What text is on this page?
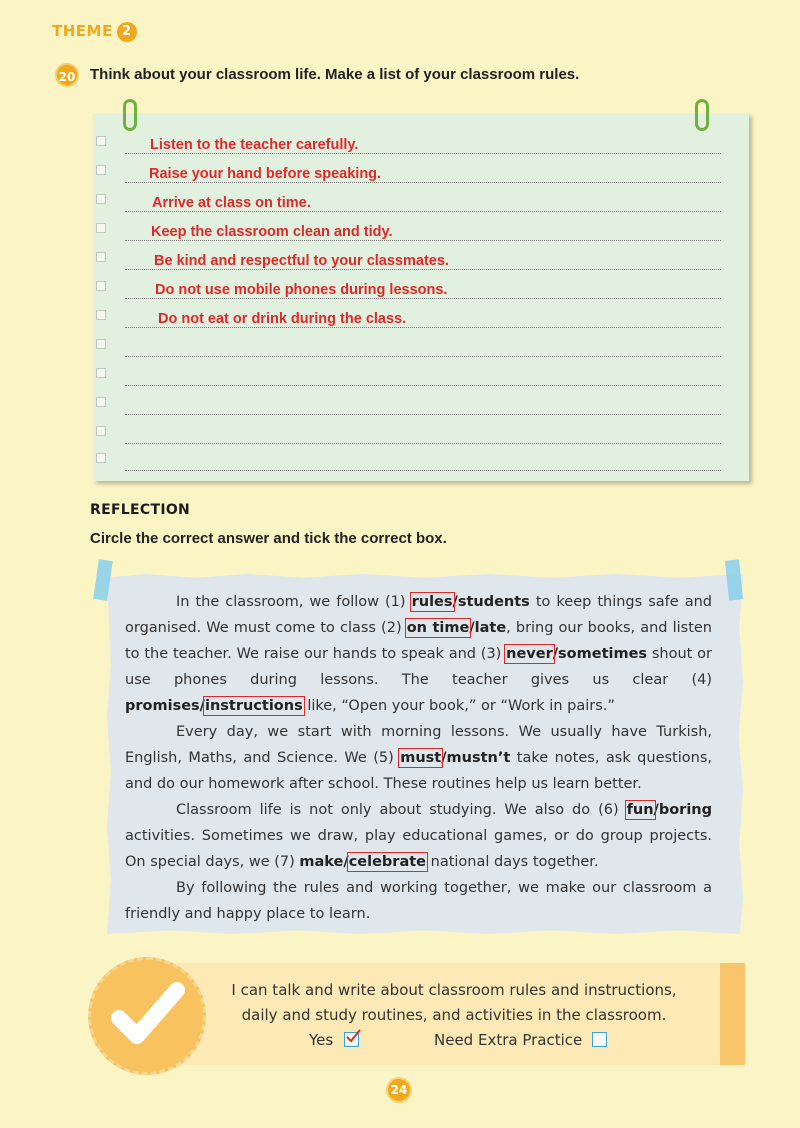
THEME 2
20 Think about your classroom life. Make a list of your classroom rules.
Listen to the teacher carefully.
Raise your hand before speaking.
Arrive at class on time.
Keep the classroom clean and tidy.
Be kind and respectful to your classmates.
Do not use mobile phones during lessons.
Do not eat or drink during the class.
REFLECTION
Circle the correct answer and tick the correct box.
In the classroom, we follow (1) rules/students to keep things safe and organised. We must come to class (2) on time/late, bring our books, and listen to the teacher. We raise our hands to speak and (3) never/sometimes shout or use phones during lessons. The teacher gives us clear (4) promises/instructions like, “Open your book,” or “Work in pairs.”
Every day, we start with morning lessons. We usually have Turkish, English, Maths, and Science. We (5) must/mustn’t take notes, ask questions, and do our homework after school. These routines help us learn better.
Classroom life is not only about studying. We also do (6) fun/boring activities. Sometimes we draw, play educational games, or do group projects. On special days, we (7) make/celebrate national days together.
By following the rules and working together, we make our classroom a friendly and happy place to learn.
I can talk and write about classroom rules and instructions,
daily and study routines, and activities in the classroom.
Yes	Need Extra Practice
24
